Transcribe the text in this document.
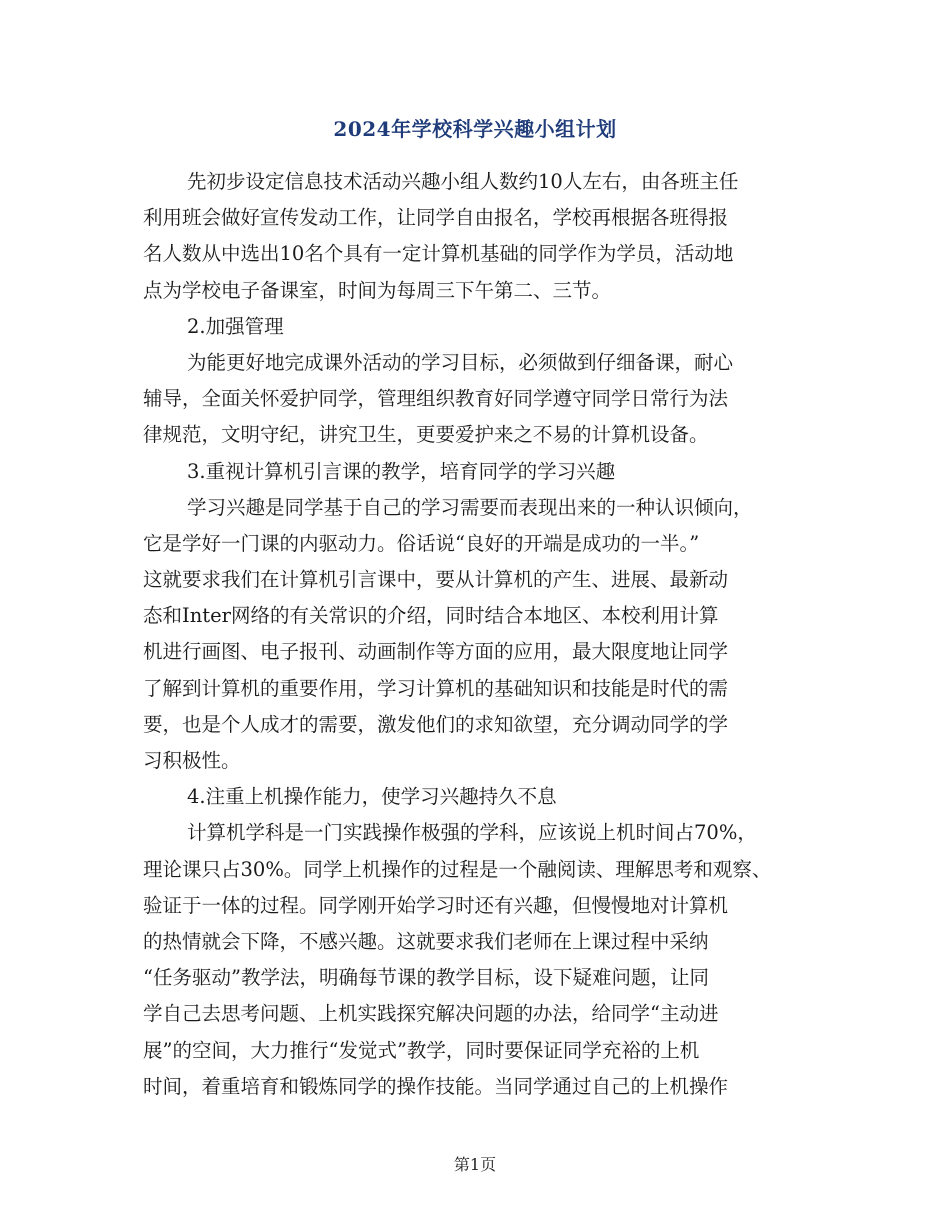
2024年学校科学兴趣小组计划
先初步设定信息技术活动兴趣小组人数约10人左右，由各班主任
利用班会做好宣传发动工作，让同学自由报名，学校再根据各班得报
名人数从中选出10名个具有一定计算机基础的同学作为学员，活动地
点为学校电子备课室，时间为每周三下午第二、三节。
2.加强管理
为能更好地完成课外活动的学习目标，必须做到仔细备课，耐心
辅导，全面关怀爱护同学，管理组织教育好同学遵守同学日常行为法
律规范，文明守纪，讲究卫生，更要爱护来之不易的计算机设备。
3.重视计算机引言课的教学，培育同学的学习兴趣
学习兴趣是同学基于自己的学习需要而表现出来的一种认识倾向，
它是学好一门课的内驱动力。俗话说“良好的开端是成功的一半。”
这就要求我们在计算机引言课中，要从计算机的产生、进展、最新动
态和Inter网络的有关常识的介绍，同时结合本地区、本校利用计算
机进行画图、电子报刊、动画制作等方面的应用，最大限度地让同学
了解到计算机的重要作用，学习计算机的基础知识和技能是时代的需
要，也是个人成才的需要，激发他们的求知欲望，充分调动同学的学
习积极性。
4.注重上机操作能力，使学习兴趣持久不息
计算机学科是一门实践操作极强的学科，应该说上机时间占70%，
理论课只占30%。同学上机操作的过程是一个融阅读、理解思考和观察、
验证于一体的过程。同学刚开始学习时还有兴趣，但慢慢地对计算机
的热情就会下降，不感兴趣。这就要求我们老师在上课过程中采纳
“任务驱动”教学法，明确每节课的教学目标，设下疑难问题，让同
学自己去思考问题、上机实践探究解决问题的办法，给同学“主动进
展”的空间，大力推行“发觉式”教学，同时要保证同学充裕的上机
时间，着重培育和锻炼同学的操作技能。当同学通过自己的上机操作
第1页
